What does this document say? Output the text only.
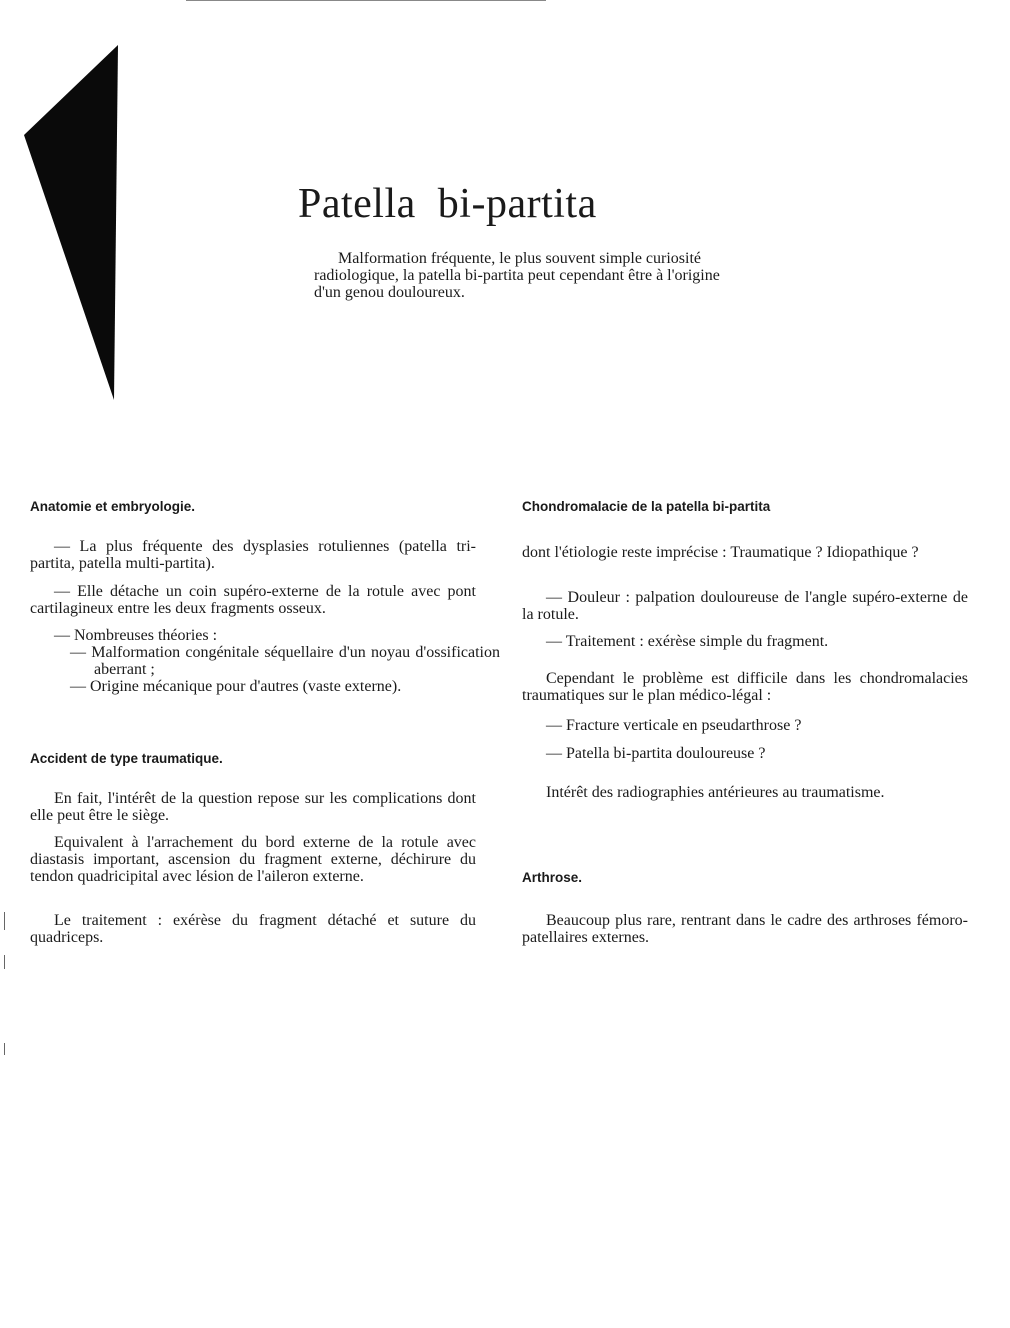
Patella bi-partita

Malformation fréquente, le plus souvent simple curiosité radiologique, la patella bi-partita peut cependant être à l'origine d'un genou douloureux.

Anatomie et embryologie.

— La plus fréquente des dysplasies rotuliennes (patella tri-partita, patella multi-partita).

— Elle détache un coin supéro-externe de la rotule avec pont cartilagineux entre les deux fragments osseux.

— Nombreuses théories :

— Malformation congénitale séquellaire d'un noyau d'ossification aberrant ;

— Origine mécanique pour d'autres (vaste externe).

Accident de type traumatique.

En fait, l'intérêt de la question repose sur les complications dont elle peut être le siège.

Equivalent à l'arrachement du bord externe de la rotule avec diastasis important, ascension du fragment externe, déchirure du tendon quadricipital avec lésion de l'aileron externe.

Le traitement : exérèse du fragment détaché et suture du quadriceps.

Chondromalacie de la patella bi-partita

dont l'étiologie reste imprécise : Traumatique ? Idiopathique ?

— Douleur : palpation douloureuse de l'angle supéro-externe de la rotule.

— Traitement : exérèse simple du fragment.

Cependant le problème est difficile dans les chondromalacies traumatiques sur le plan médico-légal :

— Fracture verticale en pseudarthrose ?

— Patella bi-partita douloureuse ?

Intérêt des radiographies antérieures au traumatisme.

Arthrose.

Beaucoup plus rare, rentrant dans le cadre des arthroses fémoro-patellaires externes.
